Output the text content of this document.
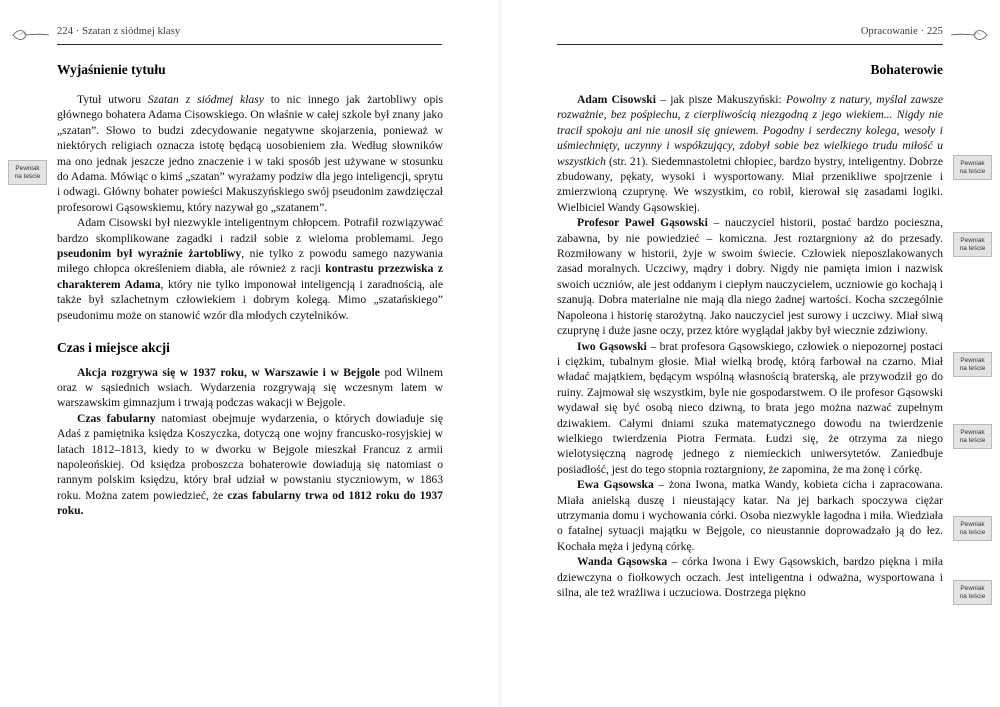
224 · Szatan z siódmej klasy	Opracowanie · 225
Wyjaśnienie tytułu	Bohaterowie

Tytuł utworu Szatan z siódmej klasy to nic innego jak żartobliwy opis głównego bohatera Adama Cisowskiego. On właśnie w całej szkole był znany jako „szatan”. Słowo to budzi zdecydowanie negatywne skojarzenia, ponieważ w niektórych religiach oznacza istotę będącą uosobieniem zła. Według słowników ma ono jednak jeszcze jedno znaczenie i w taki sposób jest używane w stosunku do Adama. Mówiąc o kimś „szatan” wyrażamy podziw dla jego inteligencji, sprytu i odwagi. Główny bohater powieści Makuszyńskiego swój pseudonim zawdzięczał profesorowi Gąsowskiemu, który nazywał go „szatanem”.

Adam Cisowski był niezwykle inteligentnym chłopcem. Potrafił rozwiązywać bardzo skomplikowane zagadki i radził sobie z wieloma problemami. Jego pseudonim był wyraźnie żartobliwy, nie tylko z powodu samego nazywania miłego chłopca określeniem diabła, ale również z racji kontrastu przezwiska z charakterem Adama, który nie tylko imponował inteligencją i zaradnością, ale także był szlachetnym człowiekiem i dobrym kolegą. Mimo „szatańskiego” pseudonimu może on stanowić wzór dla młodych czytelników.

Czas i miejsce akcji

Akcja rozgrywa się w 1937 roku, w Warszawie i w Bejgole pod Wilnem oraz w sąsiednich wsiach. Wydarzenia rozgrywają się wczesnym latem w warszawskim gimnazjum i trwają podczas wakacji w Bejgole.

Czas fabularny natomiast obejmuje wydarzenia, o których dowiaduje się Adaś z pamiętnika księdza Koszyczka, dotyczą one wojny francusko-rosyjskiej w latach 1812–1813, kiedy to w dworku w Bejgole mieszkał Francuz z armii napoleońskiej. Od księdza proboszcza bohaterowie dowiadują się natomiast o rannym polskim księdzu, który brał udział w powstaniu styczniowym, w 1863 roku. Można zatem powiedzieć, że czas fabularny trwa od 1812 roku do 1937 roku.

Adam Cisowski – jak pisze Makuszyński: Powolny z natury, myślał zawsze rozważnie, bez pośpiechu, z cierpliwością niezgodną z jego wiekiem... Nigdy nie tracił spokoju ani nie unosił się gniewem. Pogodny i serdeczny kolega, wesoły i uśmiechnięty, uczynny i wspókzujący, zdobył sobie bez wielkiego trudu miłość u wszystkich (str. 21). Siedemnastoletni chłopiec, bardzo bystry, inteligentny. Dobrze zbudowany, pękaty, wysoki i wysportowany. Miał przenikliwe spojrzenie i zmierzwioną czuprynę. We wszystkim, co robił, kierował się zasadami logiki. Wielbiciel Wandy Gąsowskiej.

Profesor Paweł Gąsowski – nauczyciel historii, postać bardzo pocieszna, zabawna, by nie powiedzieć – komiczna. Jest roztargniony aż do przesady. Rozmiłowany w historii, żyje w swoim świecie. Człowiek nieposzlakowanych zasad moralnych. Uczciwy, mądry i dobry. Nigdy nie pamięta imion i nazwisk swoich uczniów, ale jest oddanym i ciepłym nauczycielem, uczniowie go kochają i szanują. Dobra materialne nie mają dla niego żadnej wartości. Kocha szczególnie Napoleona i historię starożytną. Jako nauczyciel jest surowy i uczciwy. Miał siwą czuprynę i duże jasne oczy, przez które wyglądał jakby był wiecznie zdziwiony.

Iwo Gąsowski – brat profesora Gąsowskiego, człowiek o niepozornej postaci i ciężkim, tubalnym głosie. Miał wielką brodę, którą farbował na czarno. Miał władać majątkiem, będącym wspólną własnością braterską, ale przywodził go do ruiny. Zajmował się wszystkim, byle nie gospodarstwem. O ile profesor Gąsowski wydawał się być osobą nieco dziwną, to brata jego można nazwać zupełnym dziwakiem. Całymi dniami szuka matematycznego dowodu na twierdzenie wielkiego twierdzenia Piotra Fermata. Łudzi się, że otrzyma za niego wielotysięczną nagrodę jednego z niemieckich uniwersytetów. Zaniedbuje posiadłość, jest do tego stopnia roztargniony, że zapomina, że ma żonę i córkę.

Ewa Gąsowska – żona Iwona, matka Wandy, kobieta cicha i zapracowana. Miała anielską duszę i nieustający katar. Na jej barkach spoczywa ciężar utrzymania domu i wychowania córki. Osoba niezwykle łagodna i miła. Wiedziała o fatalnej sytuacji majątku w Bejgole, co nieustannie doprowadzało ją do łez. Kochała męża i jedyną córkę.

Wanda Gąsowska – córka Iwona i Ewy Gąsowskich, bardzo piękna i miła dziewczyna o fiołkowych oczach. Jest inteligentna i odważna, wysportowana i silna, ale też wrażliwa i uczuciowa. Dostrzega piękno

Pewniak
na teście
Pewniak
na teście
Pewniak
na teście
Pewniak
na teście
Pewniak
na teście
Pewniak
na teście
Pewniak
na teście
